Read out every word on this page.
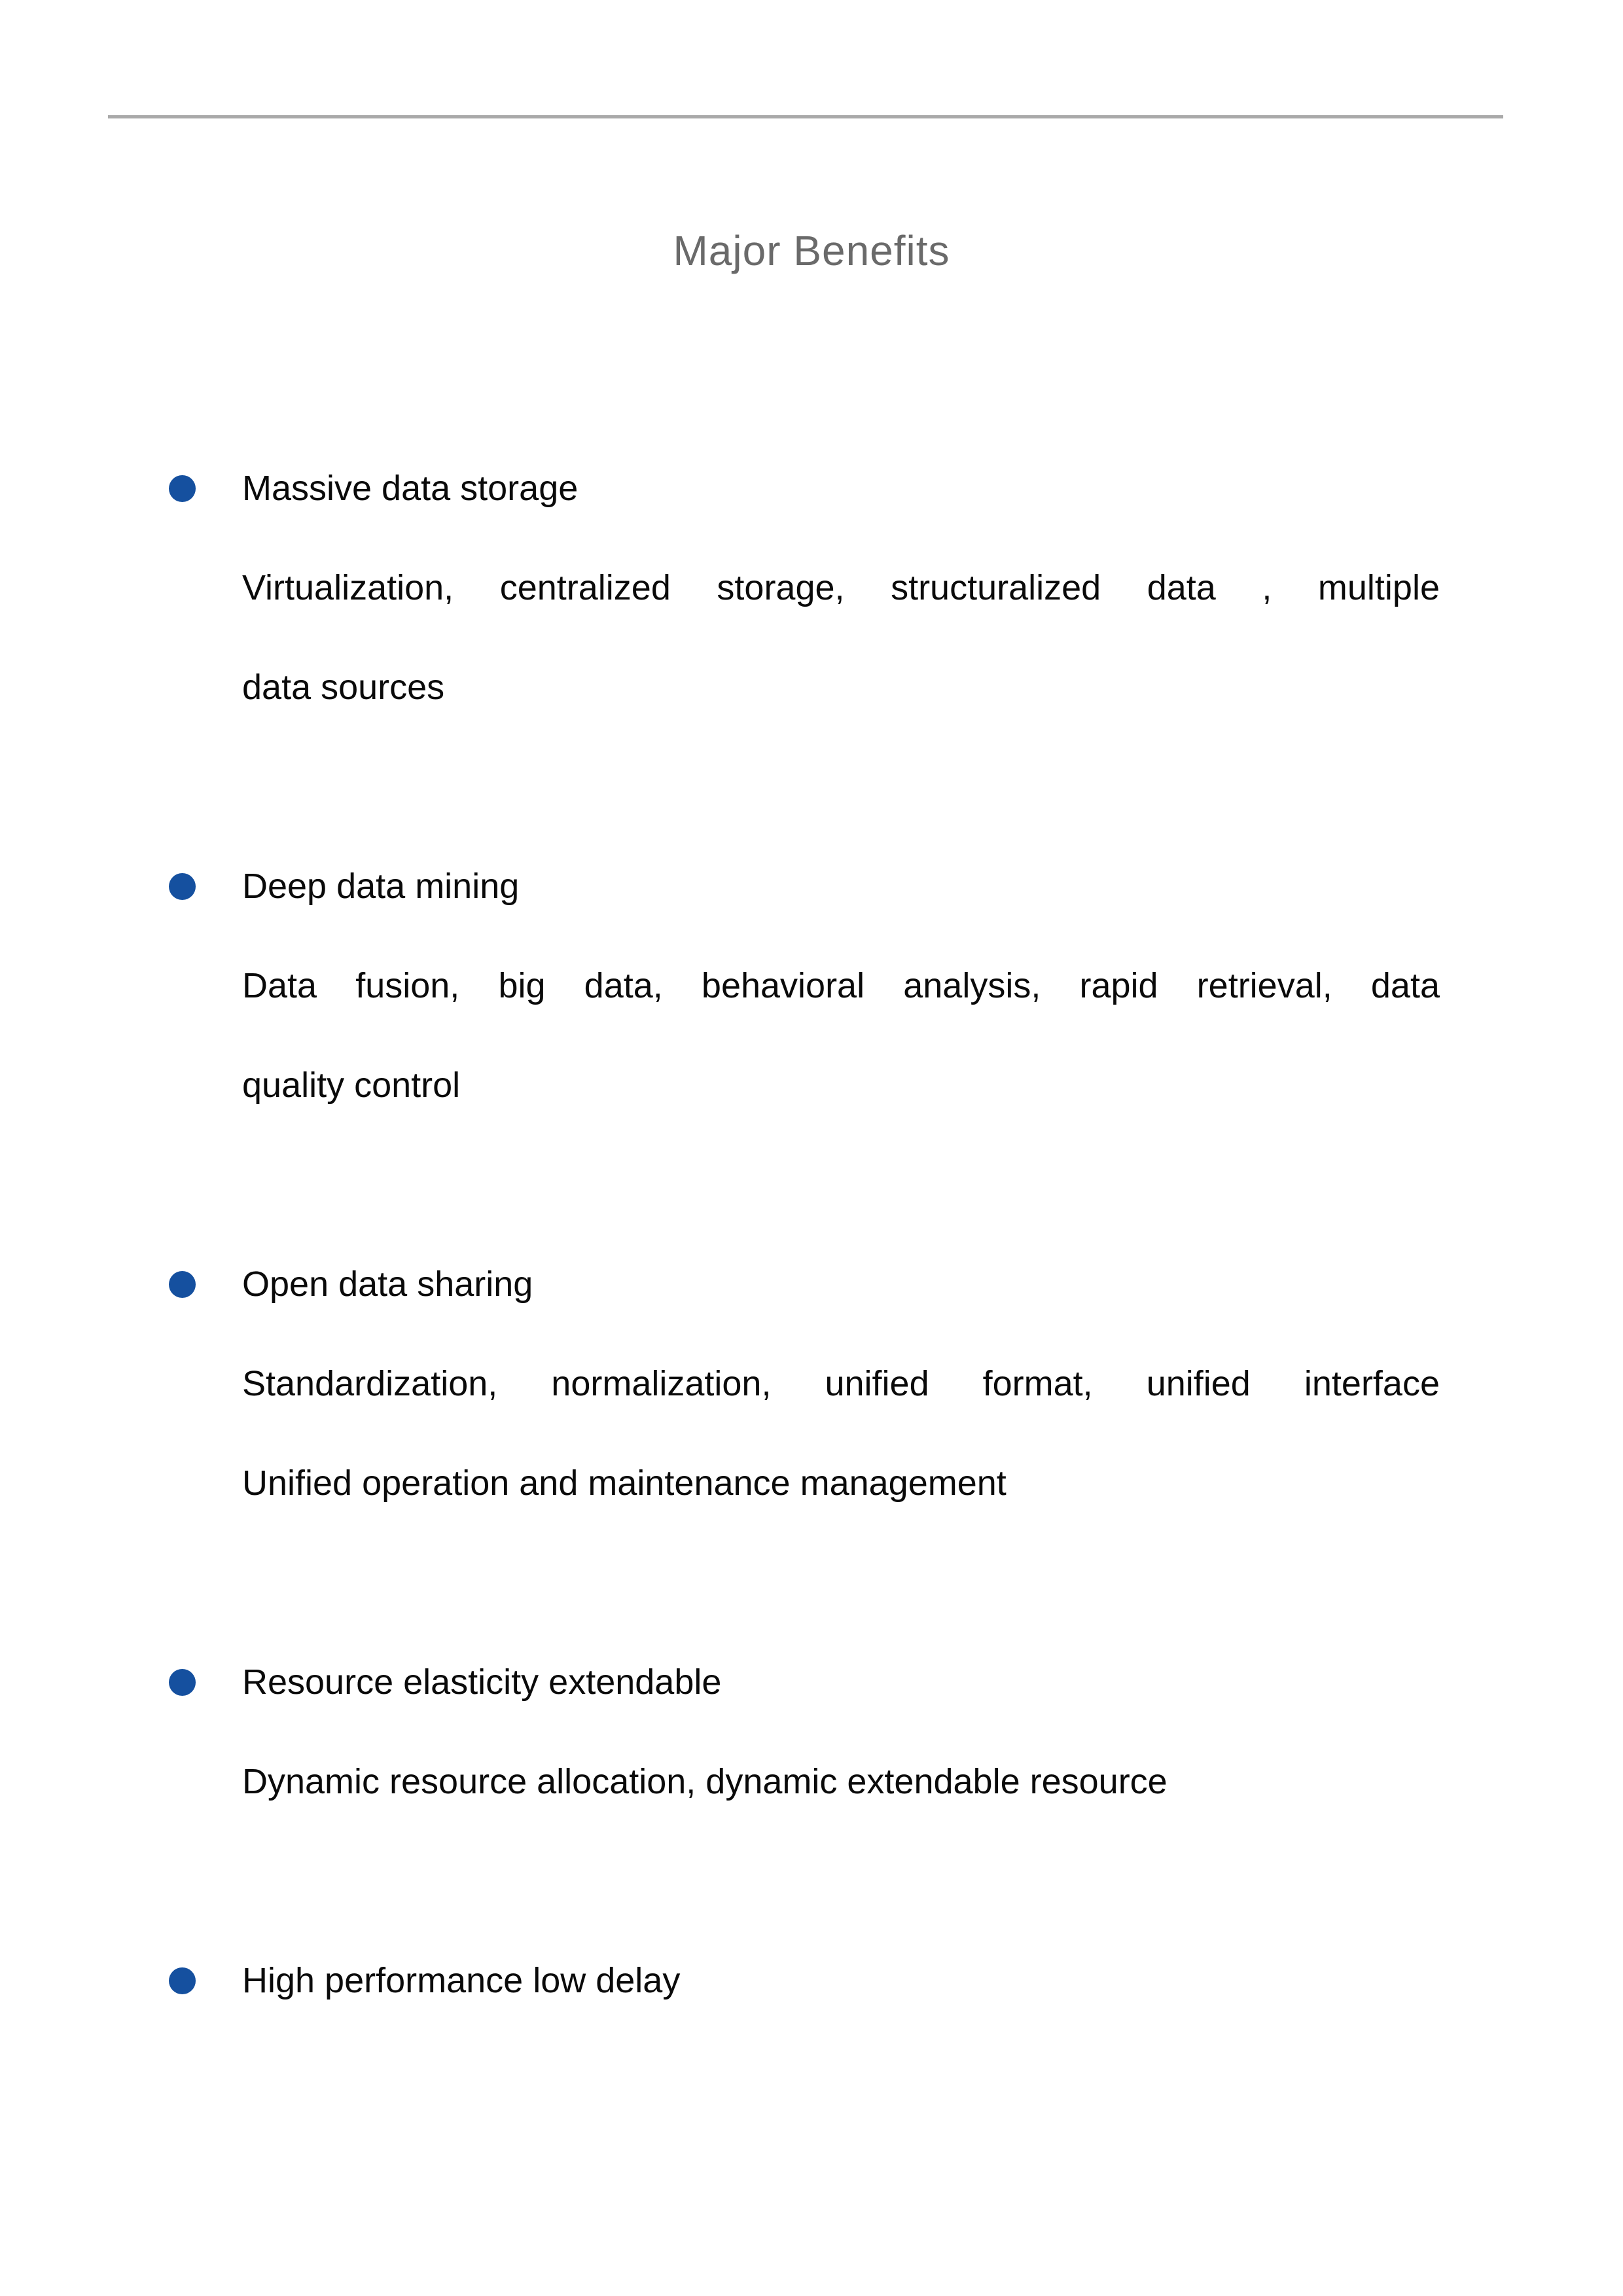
Major Benefits
Massive data storage
Virtualization, centralized storage, structuralized data , multiple
data sources
Deep data mining
Data fusion, big data, behavioral analysis, rapid retrieval, data
quality control
Open data sharing
Standardization, normalization, unified format, unified interface
Unified operation and maintenance management
Resource elasticity extendable
Dynamic resource allocation, dynamic extendable resource
High performance low delay
